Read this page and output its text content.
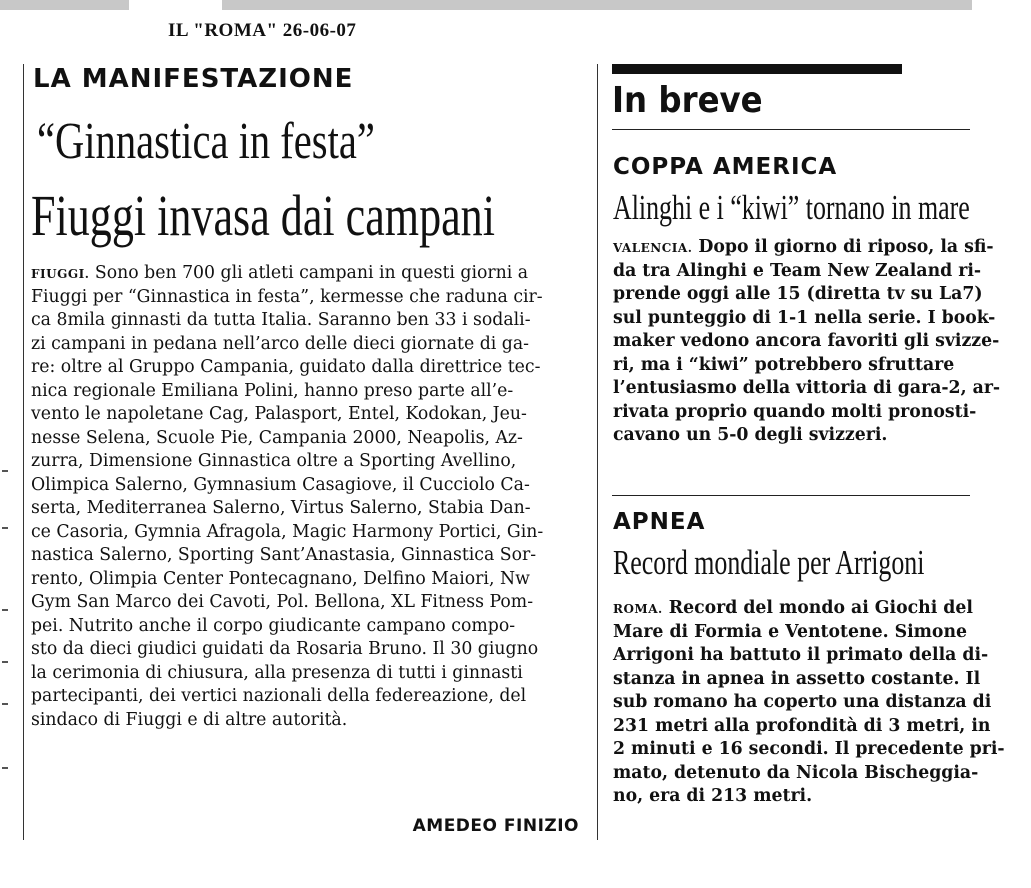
IL "ROMA" 26-06-07
LA MANIFESTAZIONE
“Ginnastica in festa”
Fiuggi invasa dai campani
FIUGGI. Sono ben 700 gli atleti campani in questi giorni a
Fiuggi per “Ginnastica in festa”, kermesse che raduna cir-
ca 8mila ginnasti da tutta Italia. Saranno ben 33 i sodali-
zi campani in pedana nell’arco delle dieci giornate di ga-
re: oltre al Gruppo Campania, guidato dalla direttrice tec-
nica regionale Emiliana Polini, hanno preso parte all’e-
vento le napoletane Cag, Palasport, Entel, Kodokan, Jeu-
nesse Selena, Scuole Pie, Campania 2000, Neapolis, Az-
zurra, Dimensione Ginnastica oltre a Sporting Avellino,
Olimpica Salerno, Gymnasium Casagiove, il Cucciolo Ca-
serta, Mediterranea Salerno, Virtus Salerno, Stabia Dan-
ce Casoria, Gymnia Afragola, Magic Harmony Portici, Gin-
nastica Salerno, Sporting Sant’Anastasia, Ginnastica Sor-
rento, Olimpia Center Pontecagnano, Delfino Maiori, Nw
Gym San Marco dei Cavoti, Pol. Bellona, XL Fitness Pom-
pei. Nutrito anche il corpo giudicante campano compo-
sto da dieci giudici guidati da Rosaria Bruno. Il 30 giugno
la cerimonia di chiusura, alla presenza di tutti i ginnasti
partecipanti, dei vertici nazionali della federeazione, del
sindaco di Fiuggi e di altre autorità.
AMEDEO FINIZIO
In breve
COPPA AMERICA
Alinghi e i “kiwi” tornano in mare
VALENCIA. Dopo il giorno di riposo, la sfi-
da tra Alinghi e Team New Zealand ri-
prende oggi alle 15 (diretta tv su La7)
sul punteggio di 1-1 nella serie. I book-
maker vedono ancora favoriti gli svizze-
ri, ma i “kiwi” potrebbero sfruttare
l’entusiasmo della vittoria di gara-2, ar-
rivata proprio quando molti pronosti-
cavano un 5-0 degli svizzeri.
APNEA
Record mondiale per Arrigoni
ROMA. Record del mondo ai Giochi del
Mare di Formia e Ventotene. Simone
Arrigoni ha battuto il primato della di-
stanza in apnea in assetto costante. Il
sub romano ha coperto una distanza di
231 metri alla profondità di 3 metri, in
2 minuti e 16 secondi. Il precedente pri-
mato, detenuto da Nicola Bischeggia-
no, era di 213 metri.
